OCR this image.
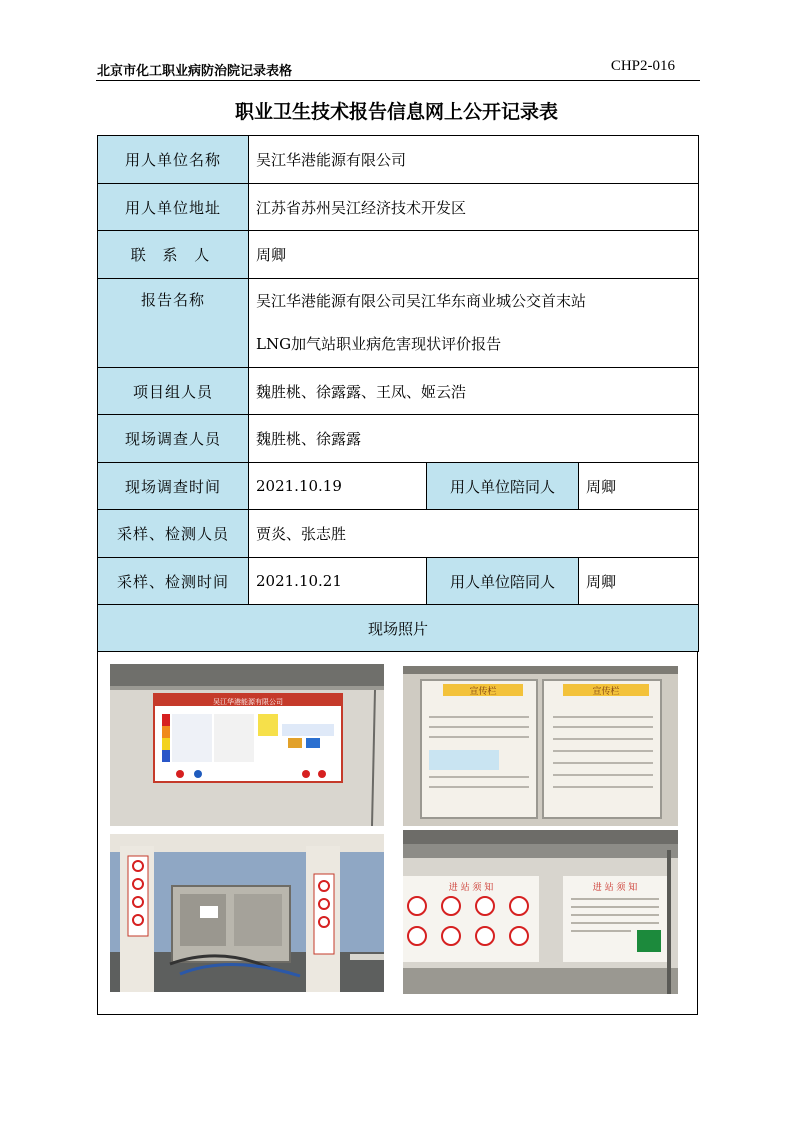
北京市化工职业病防治院记录表格	CHP2-016
职业卫生技术报告信息网上公开记录表
用人单位名称	吴江华港能源有限公司		
用人单位地址	江苏省苏州吴江经济技术开发区		
联 系 人	周卿		
报告名称	吴江华港能源有限公司吴江华东商业城公交首末站
LNG加气站职业病危害现状评价报告		

项目组人员	魏胜桃、徐露露、王凤、姬云浩		
现场调查人员	魏胜桃、徐露露		
现场调查时间	2021.10.19	用人单位陪同人	周卿
采样、检测人员	贾炎、张志胜		
采样、检测时间	2021.10.21	用人单位陪同人	周卿
现场照片			
吴江华港能源有限公司
宣传栏	宣传栏
进 站 须 知	进 站 须 知
